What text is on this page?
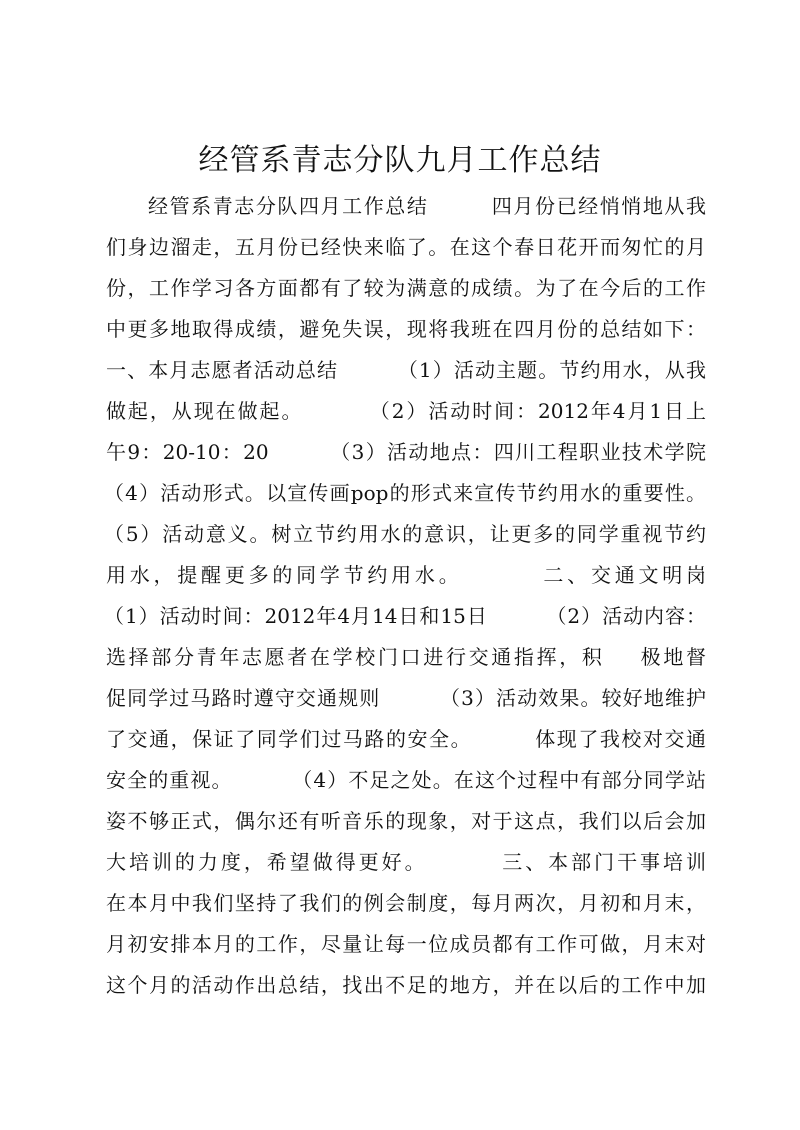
经管系青志分队九月工作总结

经管系青志分队四月工作总结        四月份已经悄悄地从我

们身边溜走，五月份已经快来临了。在这个春日花开而匆忙的月

份，工作学习各方面都有了较为满意的成绩。为了在今后的工作

中更多地取得成绩，避免失误，现将我班在四月份的总结如下：

一、本月志愿者活动总结        （1）活动主题。节约用水，从我

做起，从现在做起。        （2）活动时间：2012年4月1日上

午9：20-10：20        （3）活动地点：四川工程职业技术学院

（4）活动形式。以宣传画pop的形式来宣传节约用水的重要性。

（5）活动意义。树立节约用水的意识，让更多的同学重视节约

用水，提醒更多的同学节约用水。        二、交通文明岗

（1）活动时间：2012年4月14日和15日        （2）活动内容：

选择部分青年志愿者在学校门口进行交通指挥，积    极地督

促同学过马路时遵守交通规则        （3）活动效果。较好地维护

了交通，保证了同学们过马路的安全。        体现了我校对交通

安全的重视。        （4）不足之处。在这个过程中有部分同学站

姿不够正式，偶尔还有听音乐的现象，对于这点，我们以后会加

大培训的力度，希望做得更好。        三、本部门干事培训

在本月中我们坚持了我们的例会制度，每月两次，月初和月末，

月初安排本月的工作，尽量让每一位成员都有工作可做，月末对

这个月的活动作出总结，找出不足的地方，并在以后的工作中加
